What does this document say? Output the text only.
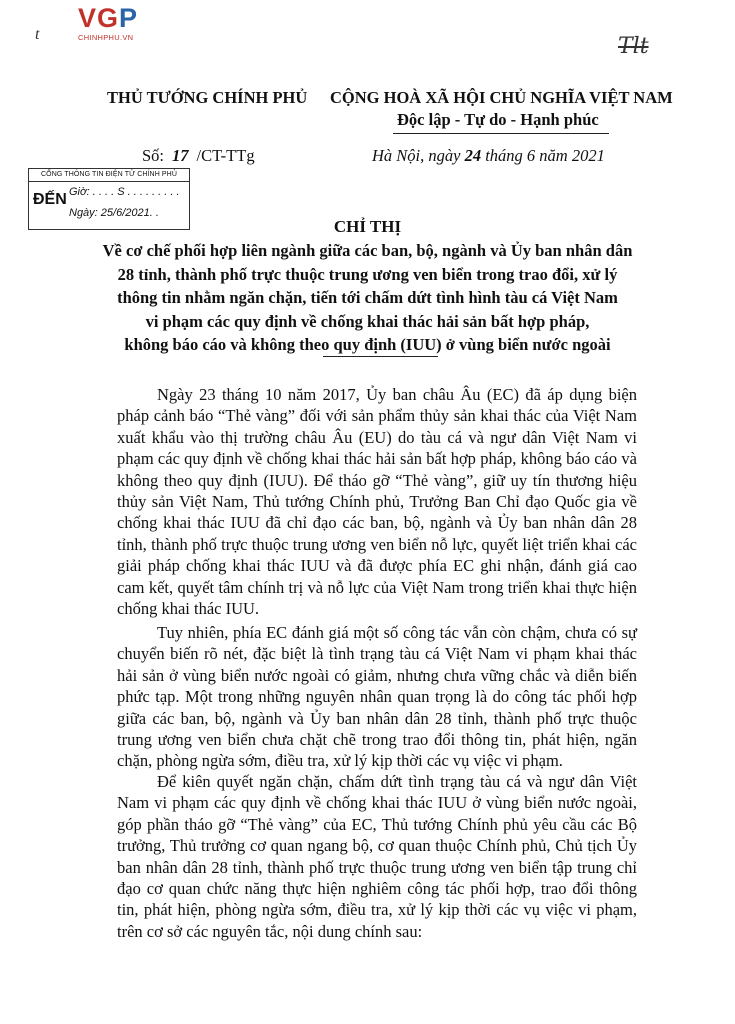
VGP
CHINHPHU.VN
t	Tlt
THỦ TƯỚNG CHÍNH PHỦ CỘNG HOÀ XÃ HỘI CHỦ NGHĨA VIỆT NAM
Độc lập - Tự do - Hạnh phúc
Số: 17 /CT-TTg	Hà Nội, ngày 24 tháng 6 năm 2021
CỔNG THÔNG TIN ĐIỆN TỬ CHÍNH PHỦ
ĐẾN Giờ: . . . . S . . . . . . . . .
Ngày: 25/6/2021. .
CHỈ THỊ
Về cơ chế phối hợp liên ngành giữa các ban, bộ, ngành và Ủy ban nhân dân
28 tỉnh, thành phố trực thuộc trung ương ven biển trong trao đổi, xử lý
thông tin nhằm ngăn chặn, tiến tới chấm dứt tình hình tàu cá Việt Nam
vi phạm các quy định về chống khai thác hải sản bất hợp pháp,
không báo cáo và không theo quy định (IUU) ở vùng biển nước ngoài

Ngày 23 tháng 10 năm 2017, Ủy ban châu Âu (EC) đã áp dụng biện pháp cảnh báo “Thẻ vàng” đối với sản phẩm thủy sản khai thác của Việt Nam xuất khẩu vào thị trường châu Âu (EU) do tàu cá và ngư dân Việt Nam vi phạm các quy định về chống khai thác hải sản bất hợp pháp, không báo cáo và không theo quy định (IUU). Để tháo gỡ “Thẻ vàng”, giữ uy tín thương hiệu thủy sản Việt Nam, Thủ tướng Chính phủ, Trưởng Ban Chỉ đạo Quốc gia về chống khai thác IUU đã chỉ đạo các ban, bộ, ngành và Ủy ban nhân dân 28 tỉnh, thành phố trực thuộc trung ương ven biển nỗ lực, quyết liệt triển khai các giải pháp chống khai thác IUU và đã được phía EC ghi nhận, đánh giá cao cam kết, quyết tâm chính trị và nỗ lực của Việt Nam trong triển khai thực hiện chống khai thác IUU.

Tuy nhiên, phía EC đánh giá một số công tác vẫn còn chậm, chưa có sự chuyển biến rõ nét, đặc biệt là tình trạng tàu cá Việt Nam vi phạm khai thác hải sản ở vùng biển nước ngoài có giảm, nhưng chưa vững chắc và diễn biến phức tạp. Một trong những nguyên nhân quan trọng là do công tác phối hợp giữa các ban, bộ, ngành và Ủy ban nhân dân 28 tỉnh, thành phố trực thuộc trung ương ven biển chưa chặt chẽ trong trao đổi thông tin, phát hiện, ngăn chặn, phòng ngừa sớm, điều tra, xử lý kịp thời các vụ việc vi phạm.

Để kiên quyết ngăn chặn, chấm dứt tình trạng tàu cá và ngư dân Việt Nam vi phạm các quy định về chống khai thác IUU ở vùng biển nước ngoài, góp phần tháo gỡ “Thẻ vàng” của EC, Thủ tướng Chính phủ yêu cầu các Bộ trưởng, Thủ trưởng cơ quan ngang bộ, cơ quan thuộc Chính phủ, Chủ tịch Ủy ban nhân dân 28 tỉnh, thành phố trực thuộc trung ương ven biển tập trung chỉ đạo cơ quan chức năng thực hiện nghiêm công tác phối hợp, trao đổi thông tin, phát hiện, phòng ngừa sớm, điều tra, xử lý kịp thời các vụ việc vi phạm, trên cơ sở các nguyên tắc, nội dung chính sau:
